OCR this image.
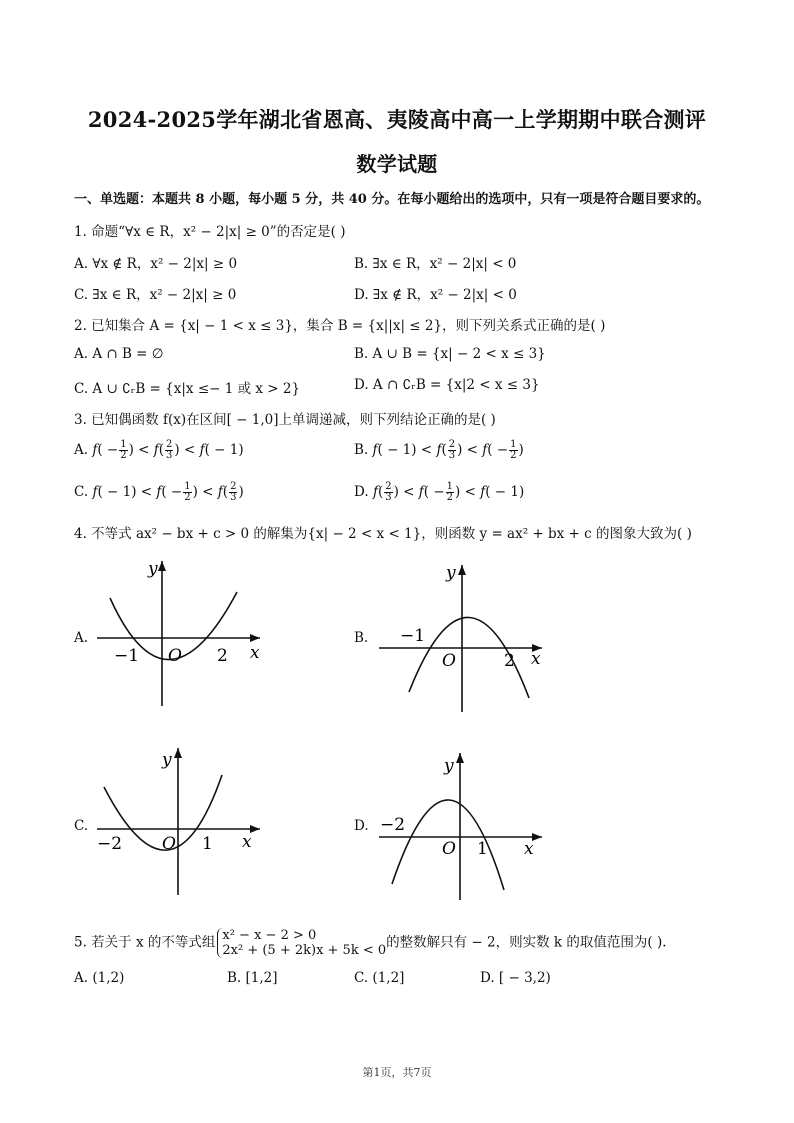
2024-2025学年湖北省恩高、夷陵高中高一上学期期中联合测评
数学试题
一、单选题：本题共 8 小题，每小题 5 分，共 40 分。在每小题给出的选项中，只有一项是符合题目要求的。
1. 命题“∀x ∈ R，x² − 2|x| ≥ 0”的否定是( )
A. ∀x ∉ R，x² − 2|x| ≥ 0	B. ∃x ∈ R，x² − 2|x| < 0
C. ∃x ∈ R，x² − 2|x| ≥ 0	D. ∃x ∉ R，x² − 2|x| < 0
2. 已知集合 A = {x| − 1 < x ≤ 3}，集合 B = {x||x| ≤ 2}，则下列关系式正确的是( )
A. A ∩ B = ∅	B. A ∪ B = {x| − 2 < x ≤ 3}
C. A ∪ ∁ᵣB = {x|x ≤− 1 或 x > 2}	D. A ∩ ∁ᵣB = {x|2 < x ≤ 3}
3. 已知偶函数 f(x)在区间[ − 1,0]上单调递减，则下列结论正确的是( )
A. $f( - \frac{1}{2}$ ) < $f( \frac{2}{3}$ ) < f( − 1)	B. $f( - 1) < f( \frac{2}{3}$ ) < $f( - \frac{1}{2}$ )
C. $f( - 1) < f( - \frac{1}{2}$ ) < $f( \frac{2}{3}$ )	D. $f( \frac{2}{3}$ ) < $f( - \frac{1}{2}$ ) < f( − 1)
4. 不等式 ax² − bx + c > 0 的解集为{x| − 2 < x < 1}，则函数 y = ax² + bx + c 的图象大致为( )
A.
y
x
−1 O 2
B.
y
x
−1
O	2
C.
y
x
−2 O 1
D.
y
x
−2
O 1
5. 若关于 x 的不等式组 x² − x − 2 > 0
2x² + (5 + 2k)x + 5k < 0 的整数解只有 − 2，则实数 k 的取值范围为( ).
A. (1,2)	B. [1,2]	C. (1,2]	D. [ − 3,2)
第1页，共7页
